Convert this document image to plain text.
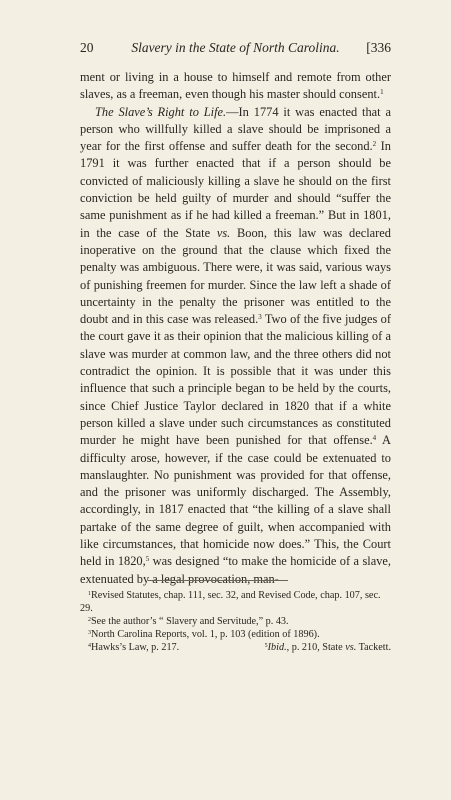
20	Slavery in the State of North Carolina.	[336

ment or living in a house to himself and remote from other slaves, as a freeman, even though his master should consent.$^1$

The Slave’s Right to Life.—In 1774 it was enacted that a person who willfully killed a slave should be imprisoned a year for the first offense and suffer death for the second.$^2$ In 1791 it was further enacted that if a person should be convicted of maliciously killing a slave he should on the first conviction be held guilty of murder and should “suffer the same punishment as if he had killed a freeman.” But in 1801, in the case of the State vs. Boon, this law was declared inoperative on the ground that the clause which fixed the penalty was ambiguous. There were, it was said, various ways of punishing freemen for murder. Since the law left a shade of uncertainty in the penalty the prisoner was entitled to the doubt and in this case was released.$^3$ Two of the five judges of the court gave it as their opinion that the malicious killing of a slave was murder at common law, and the three others did not contradict the opinion. It is possible that it was under this influence that such a principle began to be held by the courts, since Chief Justice Taylor declared in 1820 that if a white person killed a slave under such circumstances as constituted murder he might have been punished for that offense.$^4$ A difficulty arose, however, if the case could be extenuated to manslaughter. No punishment was provided for that offense, and the prisoner was uniformly discharged. The Assembly, accordingly, in 1817 enacted that “the killing of a slave shall partake of the same degree of guilt, when accompanied with like circumstances, that homicide now does.” This, the Court held in 1820,$^5$ was designed “to make the homicide of a slave, extenuated by a legal provocation, man-

$^1$Revised Statutes, chap. 111, sec. 32, and Revised Code, chap. 107, sec. 29.

$^2$See the author’s “ Slavery and Servitude,” p. 43.

$^3$North Carolina Reports, vol. 1, p. 103 (edition of 1896).

$^4$Hawks’s Law, p. 217.	$^5$Ibid., p. 210, State vs. Tackett.
